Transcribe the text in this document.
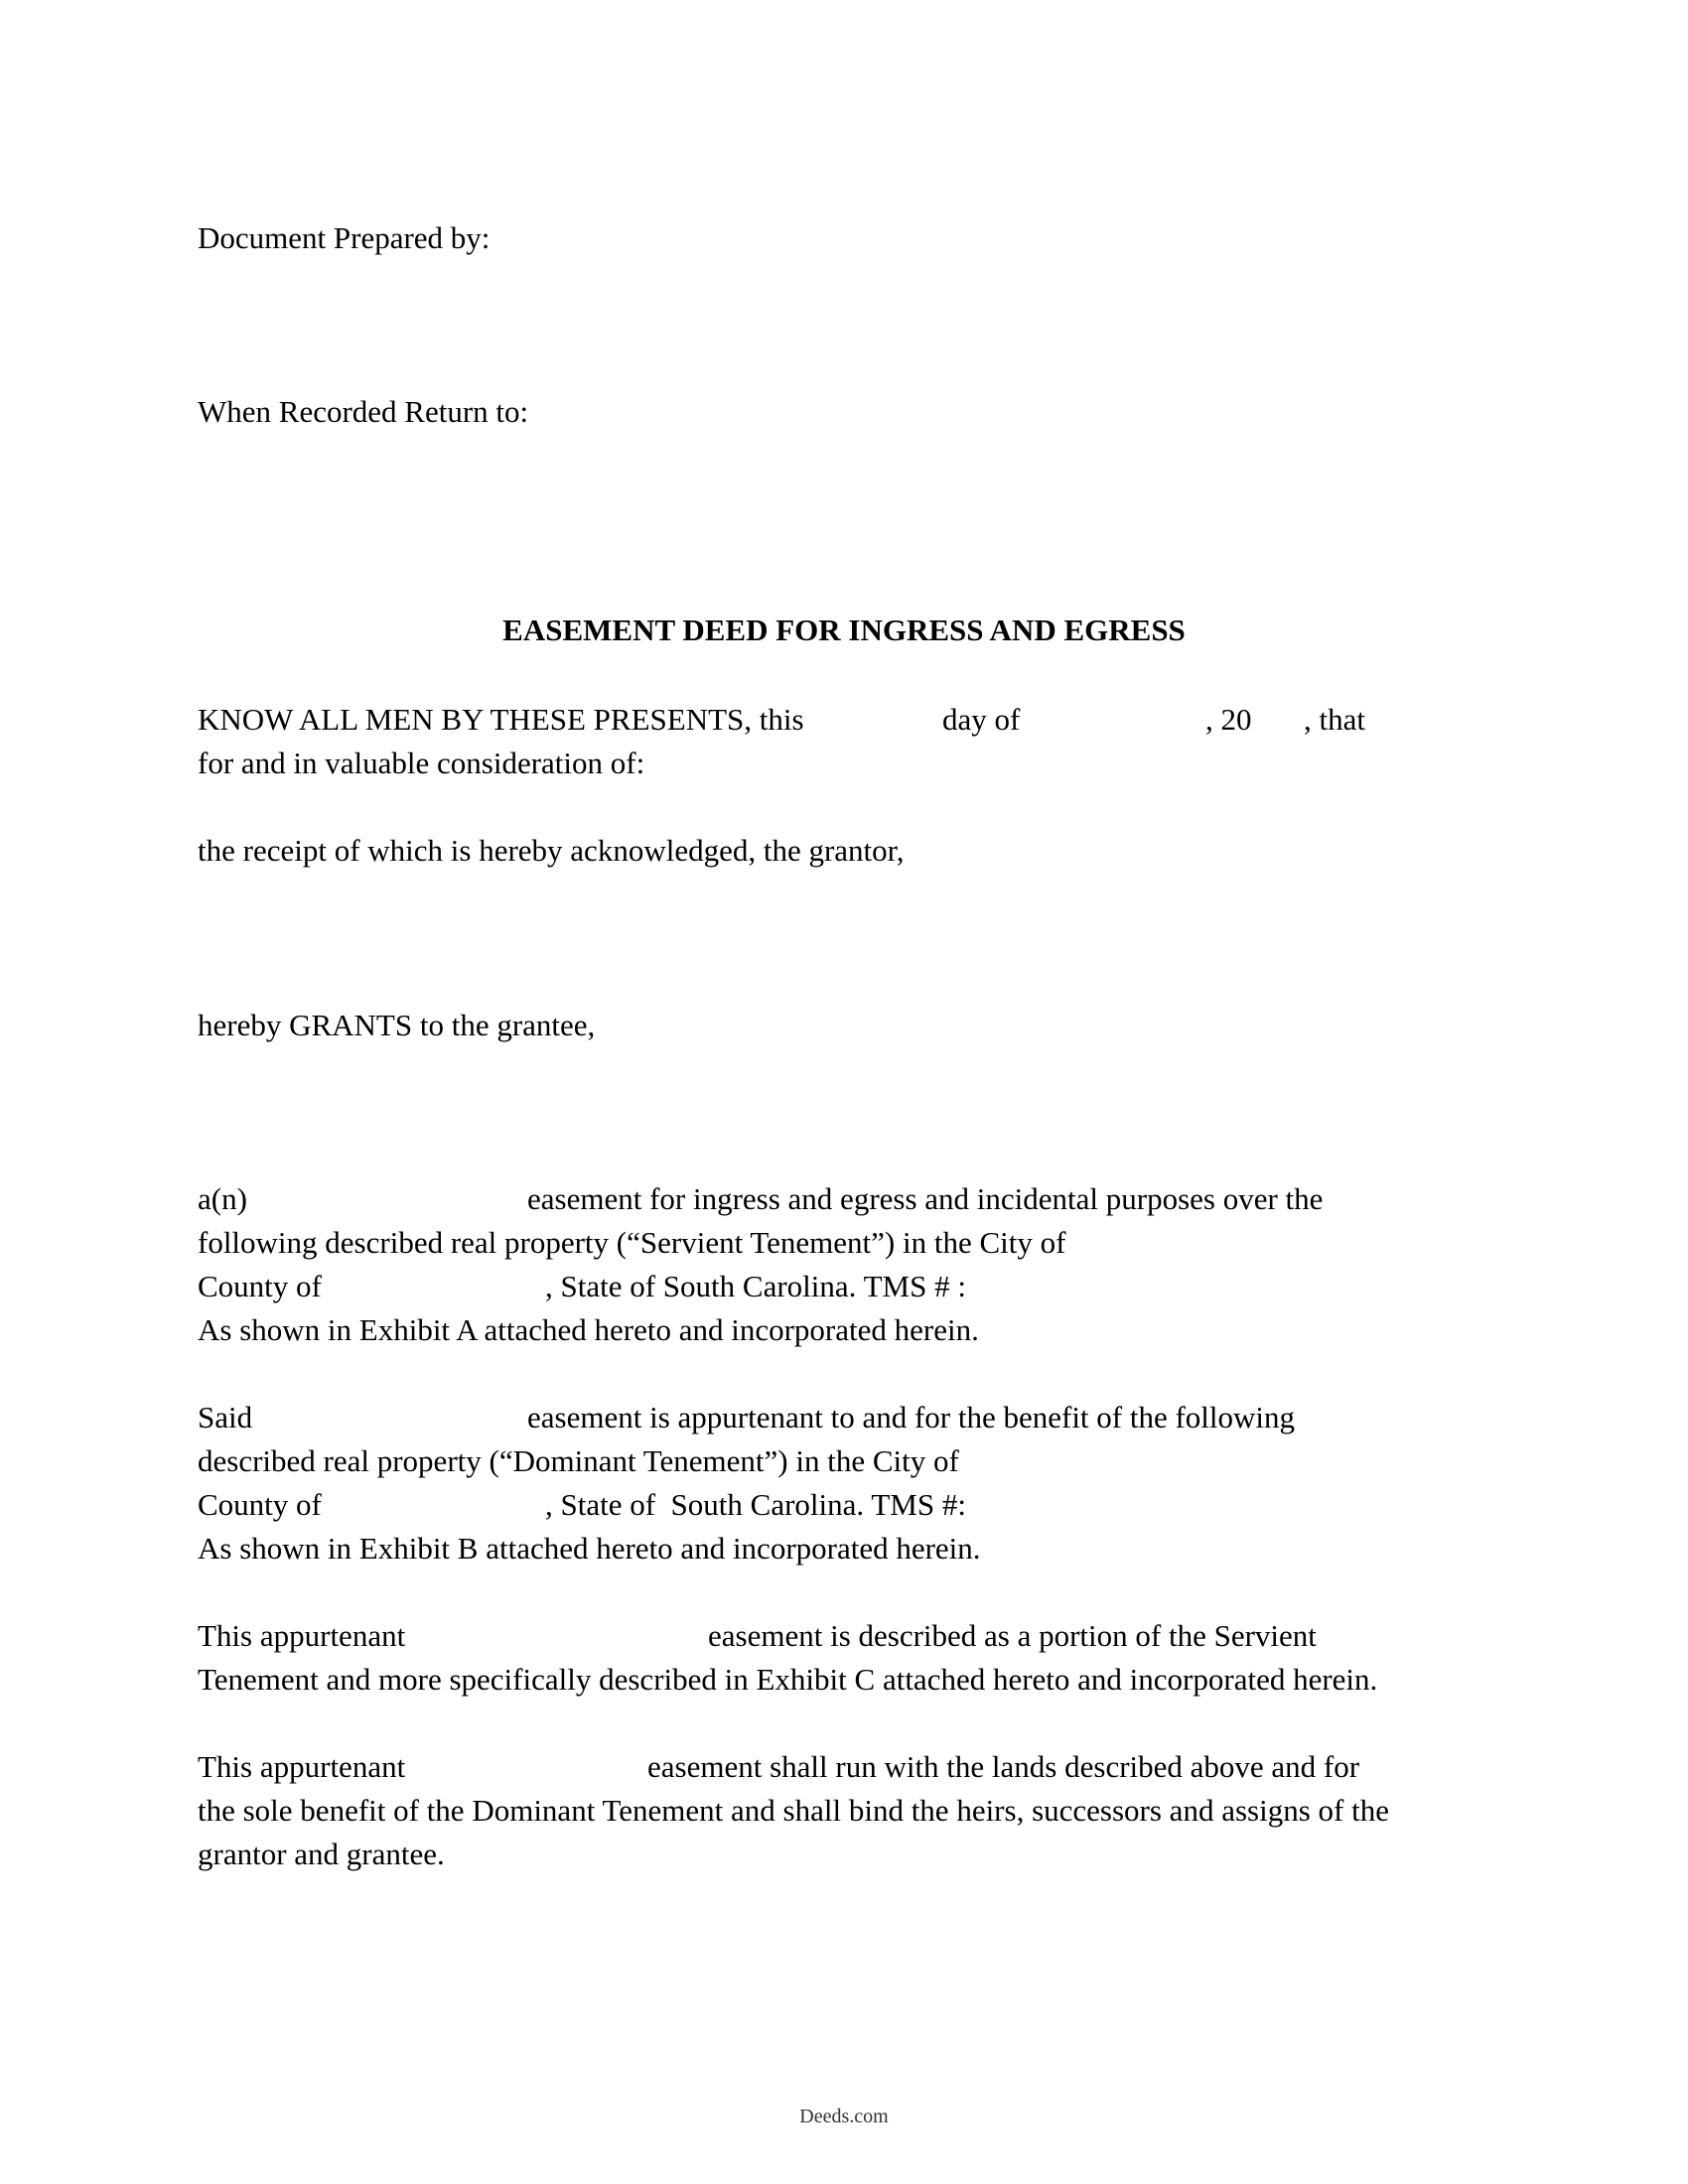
Document Prepared by:
When Recorded Return to:
EASEMENT DEED FOR INGRESS AND EGRESS
KNOW ALL MEN BY THESE PRESENTS, this	day of	, 20 , that
for and in valuable consideration of:
the receipt of which is hereby acknowledged, the grantor,
hereby GRANTS to the grantee,
a(n)	easement for ingress and egress and incidental purposes over the
following described real property (“Servient Tenement”) in the City of
County of	, State of South Carolina. TMS # :
As shown in Exhibit A attached hereto and incorporated herein.
Said	easement is appurtenant to and for the benefit of the following
described real property (“Dominant Tenement”) in the City of
County of	, State of  South Carolina. TMS #:
As shown in Exhibit B attached hereto and incorporated herein.
This appurtenant	easement is described as a portion of the Servient
Tenement and more specifically described in Exhibit C attached hereto and incorporated herein.
This appurtenant	easement shall run with the lands described above and for
the sole benefit of the Dominant Tenement and shall bind the heirs, successors and assigns of the
grantor and grantee.
Deeds.com
